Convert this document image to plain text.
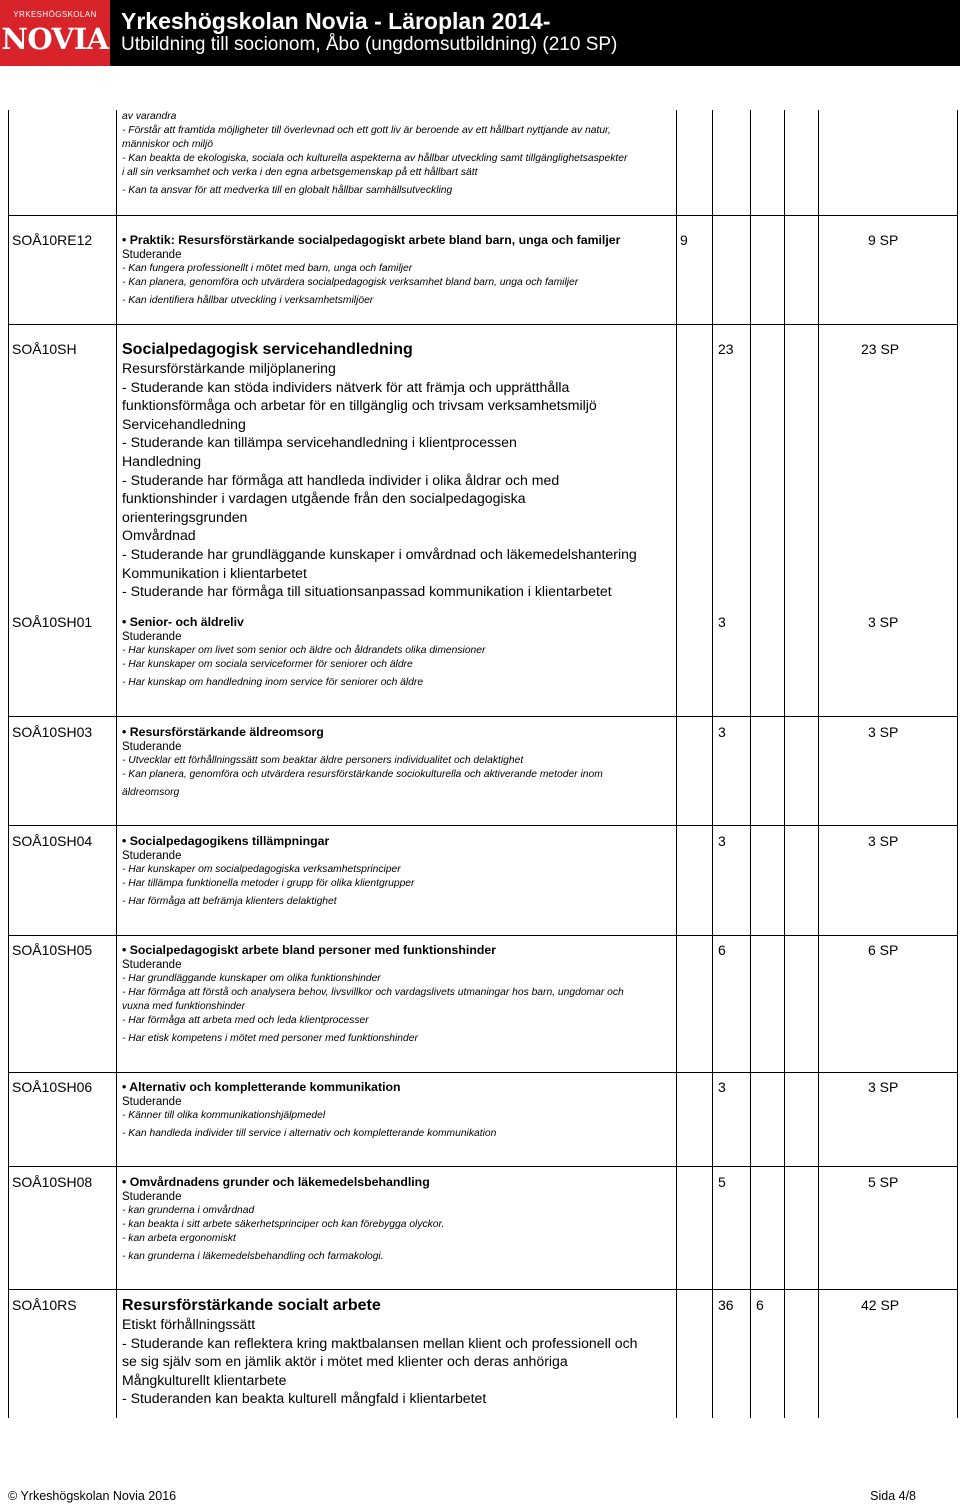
YRKESHÖGSKOLAN
NOVIA
Yrkeshögskolan Novia - Läroplan 2014-
Utbildning till socionom, Åbo (ungdomsutbildning) (210 SP)
av varandra
- Förstår att framtida möjligheter till överlevnad och ett gott liv är beroende av ett hållbart nyttjande av natur,
människor och miljö
- Kan beakta de ekologiska, sociala och kulturella aspekterna av hållbar utveckling samt tillgänglighetsaspekter
i all sin verksamhet och verka i den egna arbetsgemenskap på ett hållbart sätt
- Kan ta ansvar för att medverka till en globalt hållbar samhällsutveckling
SOÅ10RE12 • Praktik: Resursförstärkande socialpedagogiskt arbete bland barn, unga och familjer
Studerande
- Kan fungera professionellt i mötet med barn, unga och familjer
- Kan planera, genomföra och utvärdera socialpedagogisk verksamhet bland barn, unga och familjer
- Kan identifiera hållbar utveckling i verksamhetsmiljöer
9	9 SP
SOÅ10SH	Socialpedagogisk servicehandledning
Resursförstärkande miljöplanering
- Studerande kan stöda individers nätverk för att främja och upprätthålla
funktionsförmåga och arbetar för en tillgänglig och trivsam verksamhetsmiljö
Servicehandledning
- Studerande kan tillämpa servicehandledning i klientprocessen
Handledning
- Studerande har förmåga att handleda individer i olika åldrar och med
funktionshinder i vardagen utgående från den socialpedagogiska
orienteringsgrunden
Omvårdnad
- Studerande har grundläggande kunskaper i omvårdnad och läkemedelshantering
Kommunikation i klientarbetet
- Studerande har förmåga till situationsanpassad kommunikation i klientarbetet
23	23 SP
SOÅ10SH01 • Senior- och äldreliv
Studerande
- Har kunskaper om livet som senior och äldre och åldrandets olika dimensioner
- Har kunskaper om sociala serviceformer för seniorer och äldre
- Har kunskap om handledning inom service för seniorer och äldre
3	3 SP
SOÅ10SH03 • Resursförstärkande äldreomsorg
Studerande
- Utvecklar ett förhållningssätt som beaktar äldre personers individualitet och delaktighet
- Kan planera, genomföra och utvärdera resursförstärkande sociokulturella och aktiverande metoder inom
äldreomsorg
3	3 SP
SOÅ10SH04 • Socialpedagogikens tillämpningar
Studerande
- Har kunskaper om socialpedagogiska verksamhetsprinciper
- Har tillämpa funktionella metoder i grupp för olika klientgrupper
- Har förmåga att befrämja klienters delaktighet
3	3 SP
SOÅ10SH05 • Socialpedagogiskt arbete bland personer med funktionshinder
Studerande
- Har grundläggande kunskaper om olika funktionshinder
- Har förmåga att förstå och analysera behov, livsvillkor och vardagslivets utmaningar hos barn, ungdomar och
vuxna med funktionshinder
- Har förmåga att arbeta med och leda klientprocesser
- Har etisk kompetens i mötet med personer med funktionshinder
6	6 SP
SOÅ10SH06 • Alternativ och kompletterande kommunikation
Studerande
- Känner till olika kommunikationshjälpmedel
- Kan handleda individer till service i alternativ och kompletterande kommunikation
3	3 SP
SOÅ10SH08 • Omvårdnadens grunder och läkemedelsbehandling
Studerande
- kan grunderna i omvårdnad
- kan beakta i sitt arbete säkerhetsprinciper och kan förebygga olyckor.
- kan arbeta ergonomiskt
- kan grunderna i läkemedelsbehandling och farmakologi.
5	5 SP
SOÅ10RS	Resursförstärkande socialt arbete
Etiskt förhållningssätt
- Studerande kan reflektera kring maktbalansen mellan klient och professionell och
se sig själv som en jämlik aktör i mötet med klienter och deras anhöriga
Mångkulturellt klientarbete
- Studeranden kan beakta kulturell mångfald i klientarbetet
36 6	42 SP
© Yrkeshögskolan Novia 2016	Sida 4/8
